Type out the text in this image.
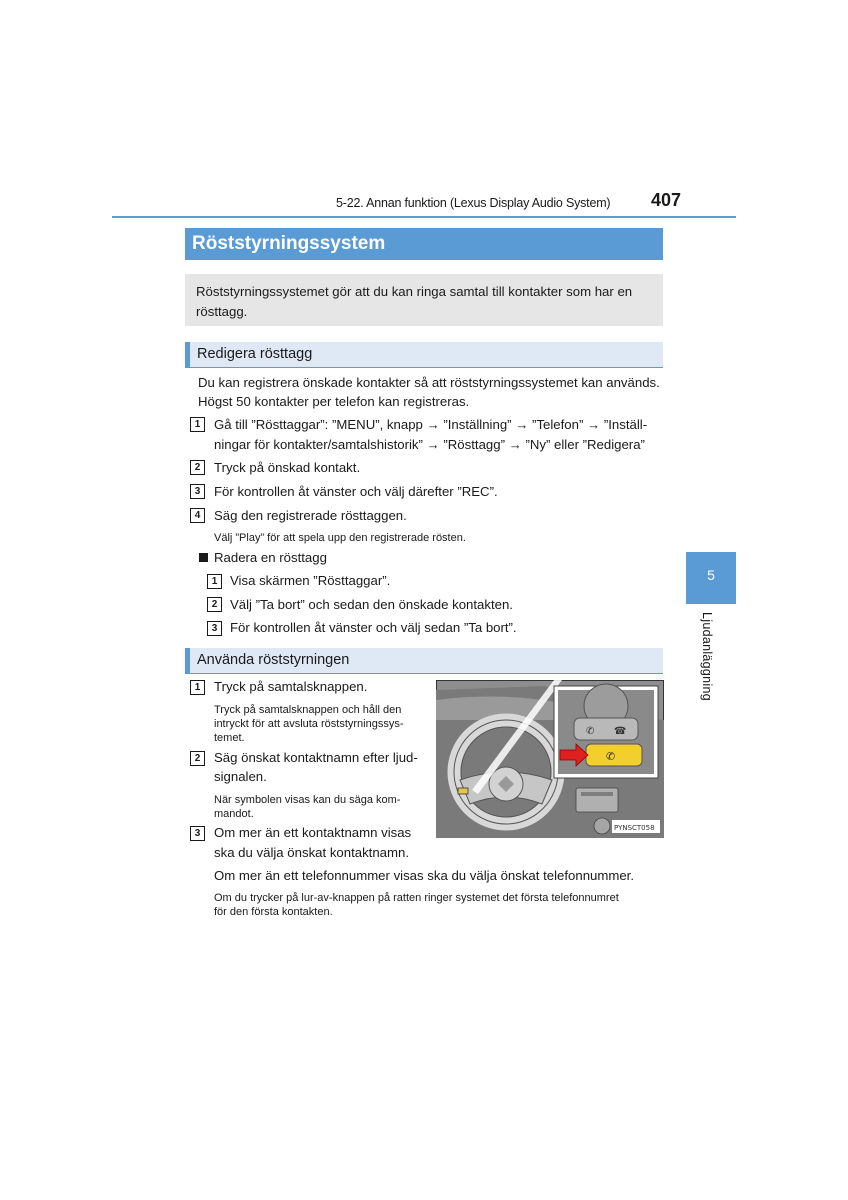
5-22. Annan funktion (Lexus Display Audio System) 407
Röststyrningssystem
Röststyrningssystemet gör att du kan ringa samtal till kontakter som har en rösttagg.
5
Ljudanläggning
Redigera rösttagg
Du kan registrera önskade kontakter så att röststyrningssystemet kan används.
Högst 50 kontakter per telefon kan registreras.
1	Gå till ”Rösttaggar”: ”MENU”, knapp → ”Inställning” → ”Telefon” → ”Inställ-
ningar för kontakter/samtalshistorik” → ”Rösttagg” → ”Ny” eller ”Redigera”
2	Tryck på önskad kontakt.
3	För kontrollen åt vänster och välj därefter ”REC”.
4	Säg den registrerade rösttaggen.
Välj ”Play” för att spela upp den registrerade rösten.
Radera en rösttagg
1 Visa skärmen ”Rösttaggar”.
2 Välj ”Ta bort” och sedan den önskade kontakten.
3 För kontrollen åt vänster och välj sedan ”Ta bort”.
Använda röststyrningen
1	Tryck på samtalsknappen.
Tryck på samtalsknappen och håll den
intryckt för att avsluta röststyrningssys-
temet.
2	Säg önskat kontaktnamn efter ljud-
signalen.
När symbolen visas kan du säga kom-
mandot.
3	Om mer än ett kontaktnamn visas
ska du välja önskat kontaktnamn.
Om mer än ett telefonnummer visas ska du välja önskat telefonnummer.
Om du trycker på lur-av-knappen på ratten ringer systemet det första telefonnumret
för den första kontakten.
✆ ☎
✆
PYNSCT058
